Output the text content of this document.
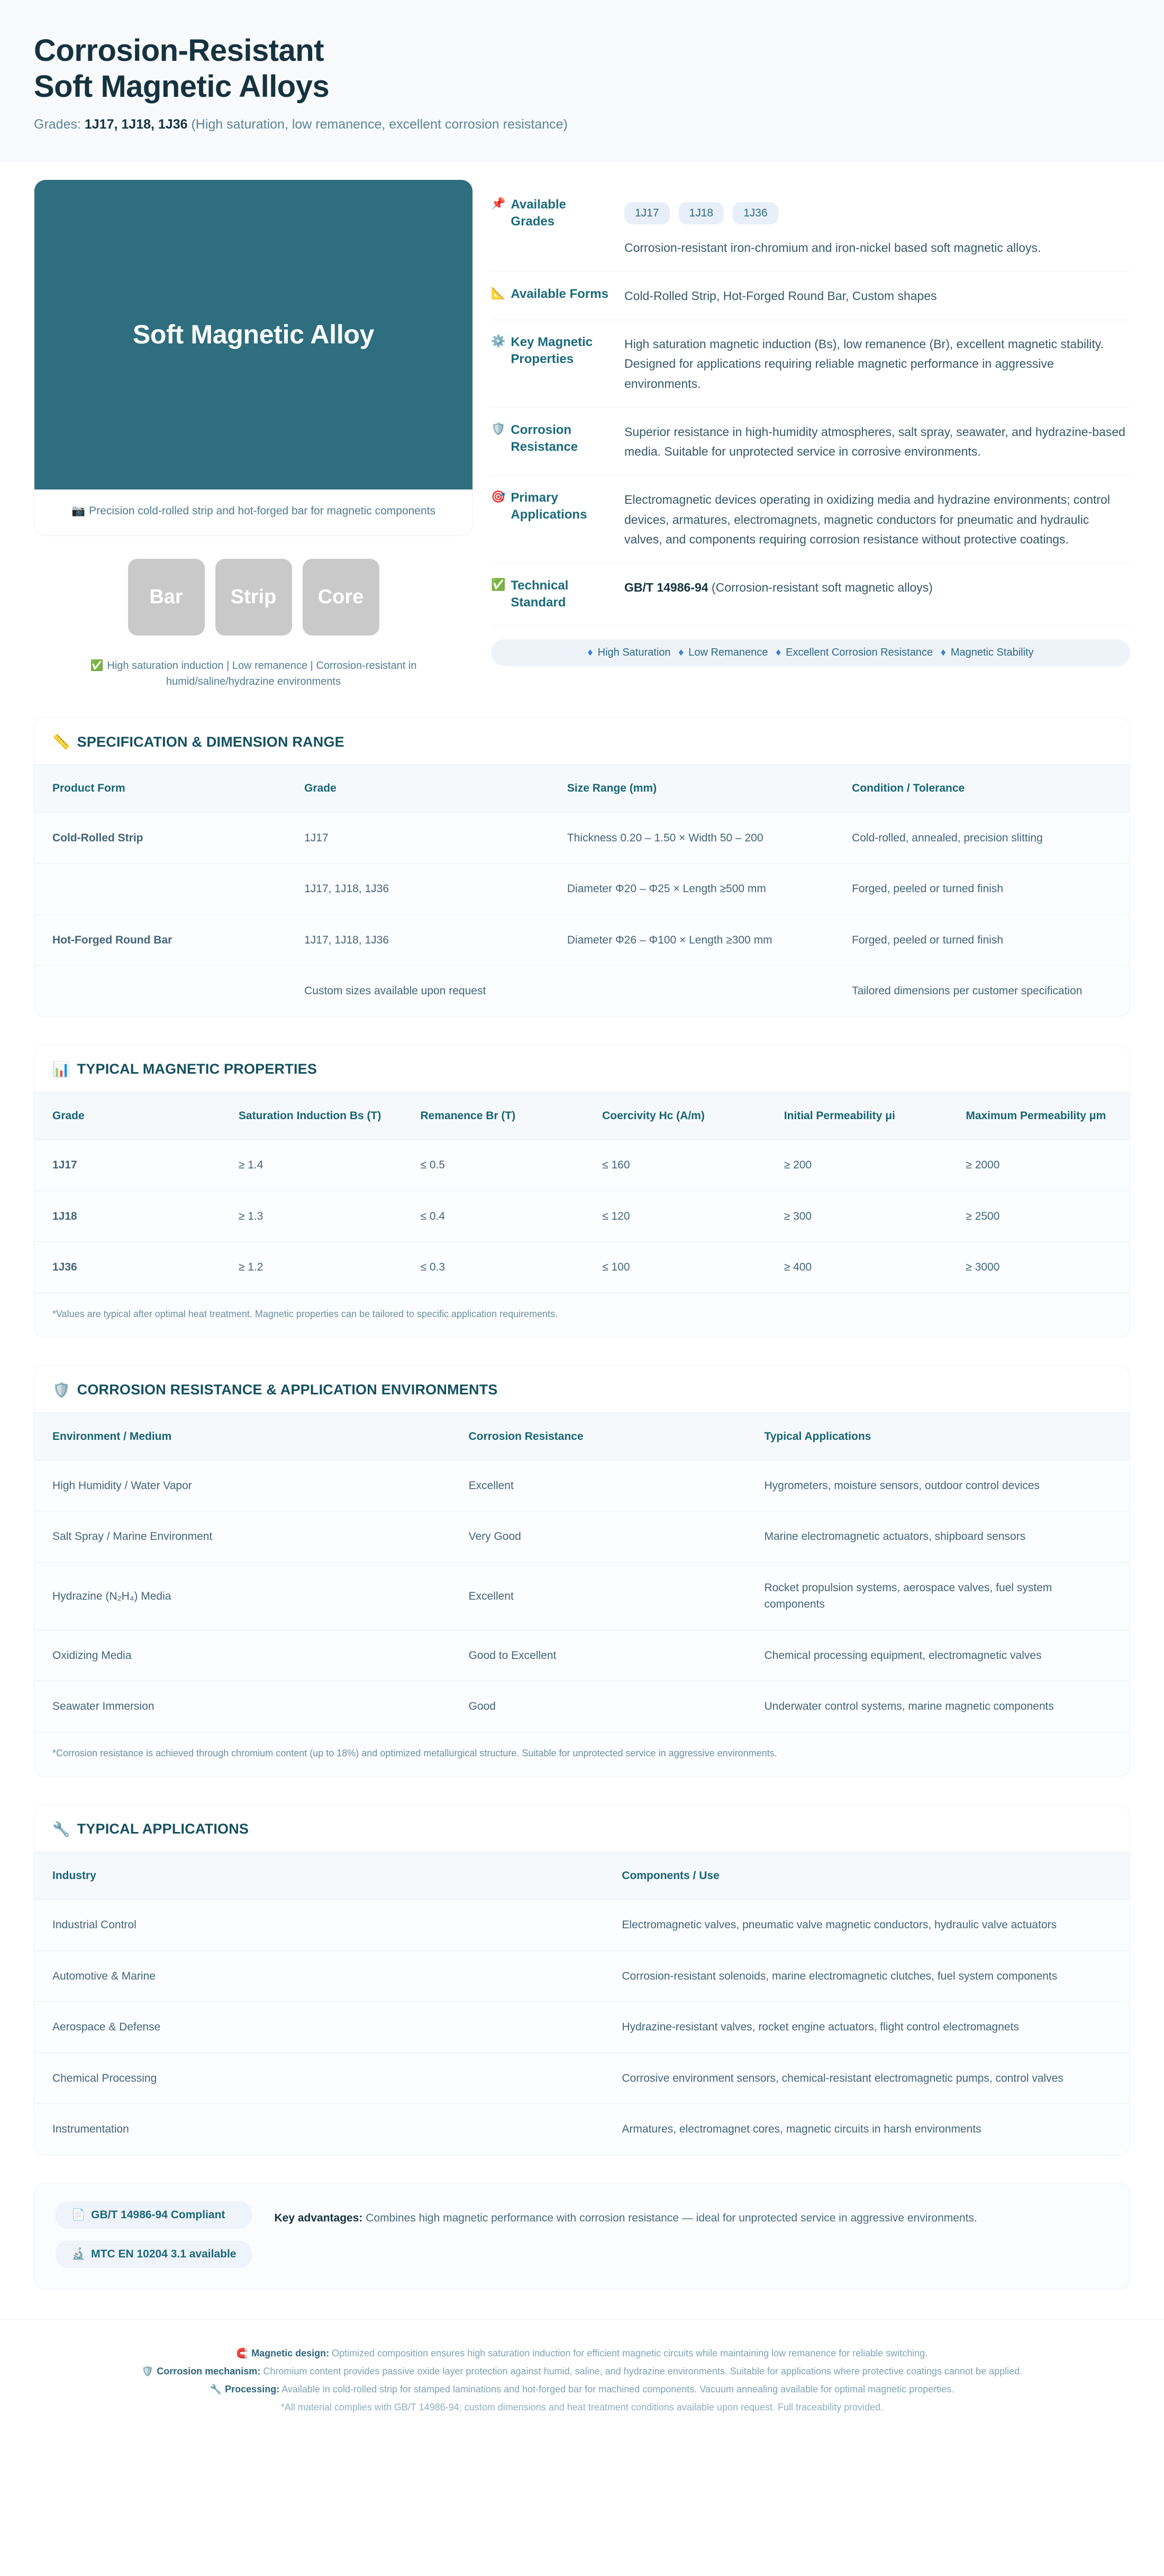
Corrosion-Resistant
Soft Magnetic Alloys
Grades: 1J17, 1J18, 1J36 (High saturation, low remanence, excellent corrosion resistance)
Soft Magnetic Alloy
📷 Precision cold-rolled strip and hot-forged bar for magnetic components
Bar Strip Core
✅ High saturation induction | Low remanence | Corrosion-resistant in humid/saline/hydrazine environments
📌 Available Grades
1J17	1J18	1J36
Corrosion-resistant iron-chromium and iron-nickel based soft magnetic alloys.
📐 Available Forms Cold-Rolled Strip, Hot-Forged Round Bar, Custom shapes
⚙️ Key Magnetic Properties
High saturation magnetic induction (Bs), low remanence (Br), excellent magnetic stability. Designed for applications requiring reliable magnetic performance in aggressive environments.
🛡️ Corrosion Resistance
Superior resistance in high-humidity atmospheres, salt spray, seawater, and hydrazine-based media. Suitable for unprotected service in corrosive environments.
🎯 Primary Applications
Electromagnetic devices operating in oxidizing media and hydrazine environments; control devices, armatures, electromagnets, magnetic conductors for pneumatic and hydraulic valves, and components requiring corrosion resistance without protective coatings.
✅ Technical Standard
GB/T 14986-94 (Corrosion-resistant soft magnetic alloys)
♦ High Saturation ♦ Low Remanence ♦ Excellent Corrosion Resistance ♦ Magnetic Stability
📏 SPECIFICATION & DIMENSION RANGE
Product Form	Grade	Size Range (mm)	Condition / Tolerance
Cold-Rolled Strip	1J17	Thickness 0.20 – 1.50 × Width 50 – 200	Cold-rolled, annealed, precision slitting
	1J17, 1J18, 1J36	Diameter Φ20 – Φ25 × Length ≥500 mm	Forged, peeled or turned finish
Hot-Forged Round Bar	1J17, 1J18, 1J36	Diameter Φ26 – Φ100 × Length ≥300 mm	Forged, peeled or turned finish
	Custom sizes available upon request		Tailored dimensions per customer specification
📊 TYPICAL MAGNETIC PROPERTIES
Grade	Saturation Induction Bs (T)	Remanence Br (T)	Coercivity Hc (A/m)	Initial Permeability μi	Maximum Permeability μm
1J17	≥ 1.4	≤ 0.5	≤ 160	≥ 200	≥ 2000
1J18	≥ 1.3	≤ 0.4	≤ 120	≥ 300	≥ 2500
1J36	≥ 1.2	≤ 0.3	≤ 100	≥ 400	≥ 3000
*Values are typical after optimal heat treatment. Magnetic properties can be tailored to specific application requirements.
🛡️ CORROSION RESISTANCE & APPLICATION ENVIRONMENTS
Environment / Medium	Corrosion Resistance	Typical Applications
High Humidity / Water Vapor	Excellent	Hygrometers, moisture sensors, outdoor control devices
Salt Spray / Marine Environment	Very Good	Marine electromagnetic actuators, shipboard sensors
Hydrazine (N₂H₄) Media	Excellent	Rocket propulsion systems, aerospace valves, fuel system components
Oxidizing Media	Good to Excellent	Chemical processing equipment, electromagnetic valves
Seawater Immersion	Good	Underwater control systems, marine magnetic components
*Corrosion resistance is achieved through chromium content (up to 18%) and optimized metallurgical structure. Suitable for unprotected service in aggressive environments.
🔧 TYPICAL APPLICATIONS
Industry	Components / Use
Industrial Control	Electromagnetic valves, pneumatic valve magnetic conductors, hydraulic valve actuators
Automotive & Marine	Corrosion-resistant solenoids, marine electromagnetic clutches, fuel system components
Aerospace & Defense	Hydrazine-resistant valves, rocket engine actuators, flight control electromagnets
Chemical Processing	Corrosive environment sensors, chemical-resistant electromagnetic pumps, control valves
Instrumentation	Armatures, electromagnet cores, magnetic circuits in harsh environments
📄 GB/T 14986-94 Compliant
🔬 MTC EN 10204 3.1 available
Key advantages: Combines high magnetic performance with corrosion resistance — ideal for unprotected service in aggressive environments.
🧲 Magnetic design: Optimized composition ensures high saturation induction for efficient magnetic circuits while maintaining low remanence for reliable switching.
🛡️ Corrosion mechanism: Chromium content provides passive oxide layer protection against humid, saline, and hydrazine environments. Suitable for applications where protective coatings cannot be applied.
🔧 Processing: Available in cold-rolled strip for stamped laminations and hot-forged bar for machined components. Vacuum annealing available for optimal magnetic properties.
*All material complies with GB/T 14986-94; custom dimensions and heat treatment conditions available upon request. Full traceability provided.
